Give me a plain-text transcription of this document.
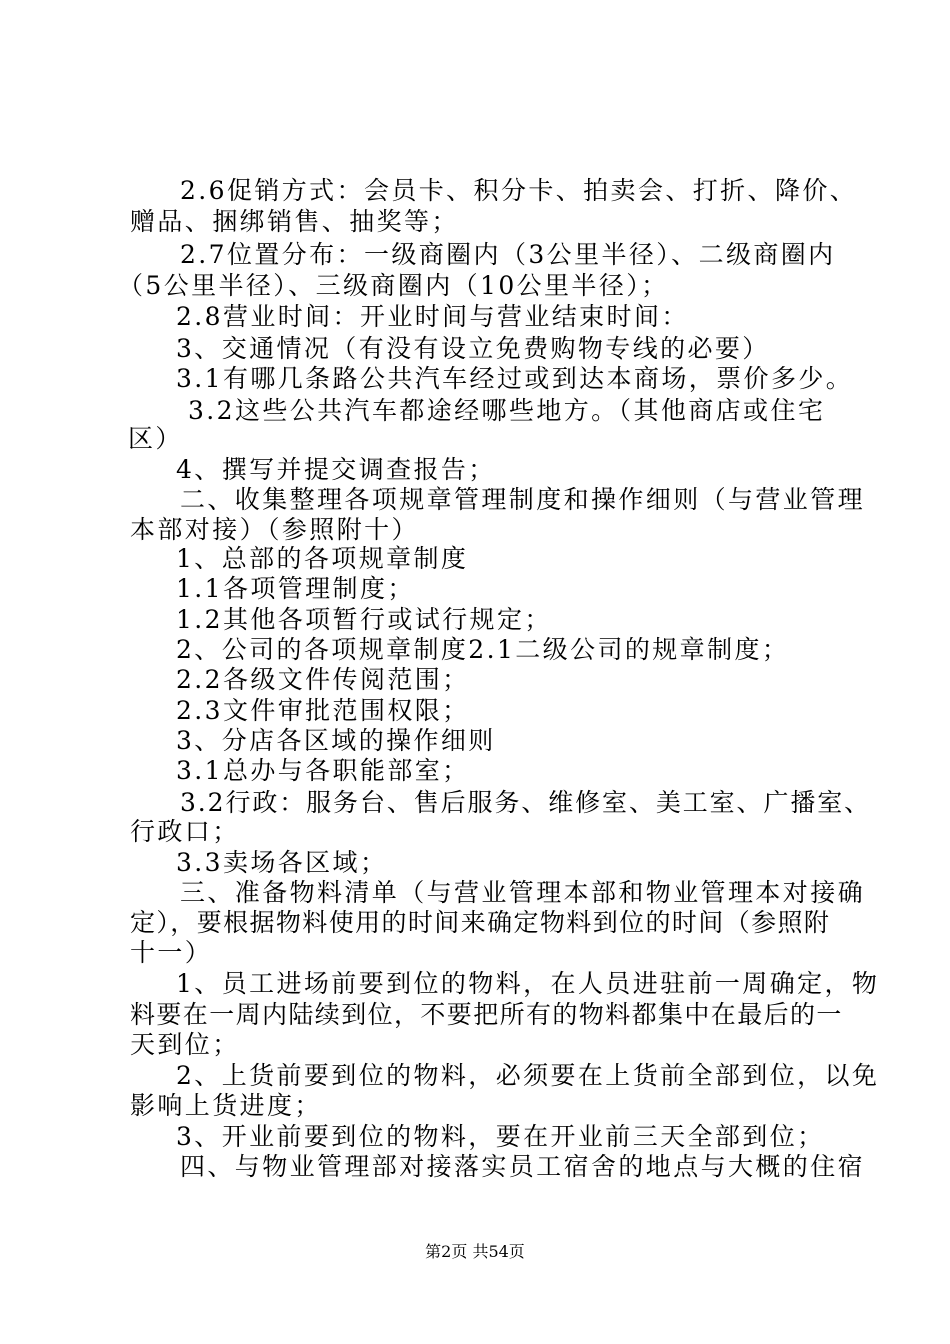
2.6促销方式：会员卡、积分卡、拍卖会、打折、降价、
赠品、捆绑销售、抽奖等；
2.7位置分布：一级商圈内（3公里半径）、二级商圈内
（5公里半径）、三级商圈内（10公里半径）；
2.8营业时间：开业时间与营业结束时间：
3、交通情况（有没有设立免费购物专线的必要）
3.1有哪几条路公共汽车经过或到达本商场，票价多少。
3.2这些公共汽车都途经哪些地方。（其他商店或住宅
区）
4、撰写并提交调查报告；
二、收集整理各项规章管理制度和操作细则（与营业管理
本部对接）（参照附十）
1、总部的各项规章制度
1.1各项管理制度；
1.2其他各项暂行或试行规定；
2、公司的各项规章制度2.1二级公司的规章制度；
2.2各级文件传阅范围；
2.3文件审批范围权限；
3、分店各区域的操作细则
3.1总办与各职能部室；
3.2行政：服务台、售后服务、维修室、美工室、广播室、
行政口；
3.3卖场各区域；
三、准备物料清单（与营业管理本部和物业管理本对接确
定），要根据物料使用的时间来确定物料到位的时间（参照附
十一）
1、员工进场前要到位的物料，在人员进驻前一周确定，物
料要在一周内陆续到位，不要把所有的物料都集中在最后的一
天到位；
2、上货前要到位的物料，必须要在上货前全部到位，以免
影响上货进度；
3、开业前要到位的物料，要在开业前三天全部到位；
四、与物业管理部对接落实员工宿舍的地点与大概的住宿
第2页 共54页
